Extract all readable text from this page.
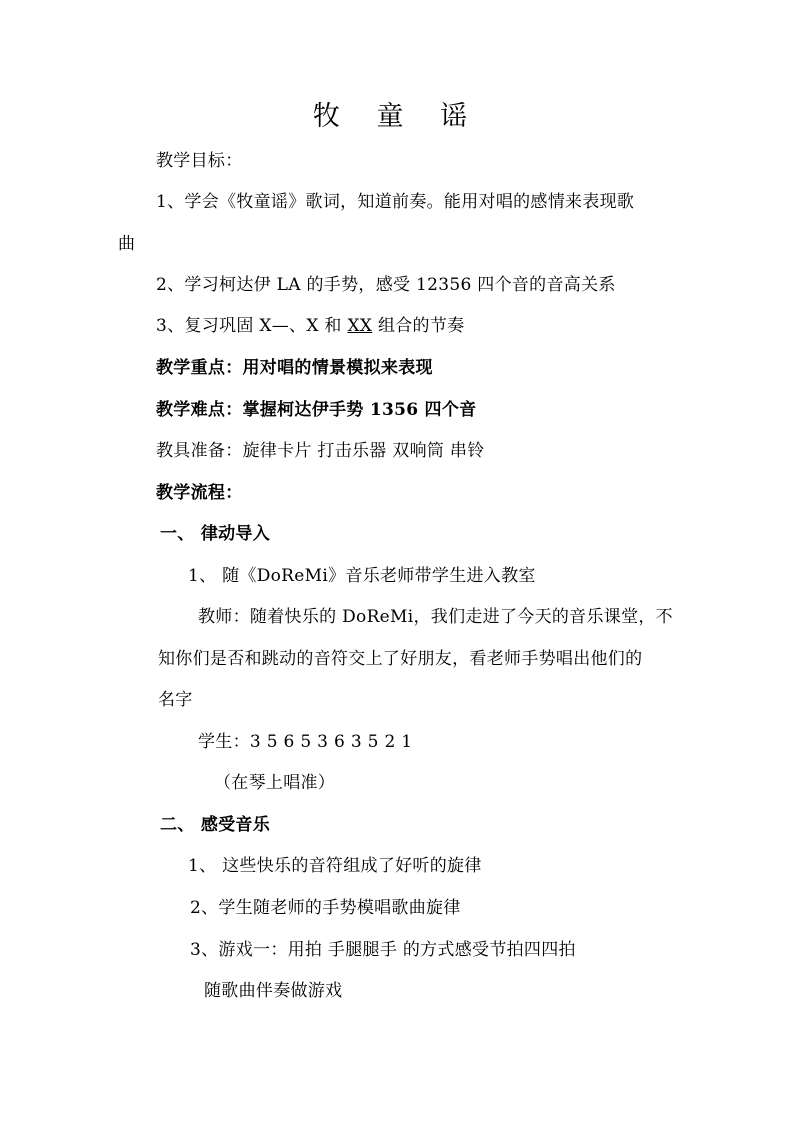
牧 童 谣
教学目标：
1、学会《牧童谣》歌词，知道前奏。能用对唱的感情来表现歌
曲
2、学习柯达伊 LA 的手势，感受 12356 四个音的音高关系
3、复习巩固 X—、X 和 XX 组合的节奏
教学重点：用对唱的情景模拟来表现
教学难点：掌握柯达伊手势 1356 四个音
教具准备：旋律卡片 打击乐器 双响筒 串铃
教学流程：
一、 律动导入
1、 随《DoReMi》音乐老师带学生进入教室
教师：随着快乐的 DoReMi，我们走进了今天的音乐课堂，不
知你们是否和跳动的音符交上了好朋友，看老师手势唱出他们的
名字
学生：3 5 6 5 3 6 3 5 2 1
（在琴上唱准）
二、 感受音乐
1、 这些快乐的音符组成了好听的旋律
2、学生随老师的手势模唱歌曲旋律
3、游戏一：用拍 手腿腿手 的方式感受节拍四四拍
随歌曲伴奏做游戏
